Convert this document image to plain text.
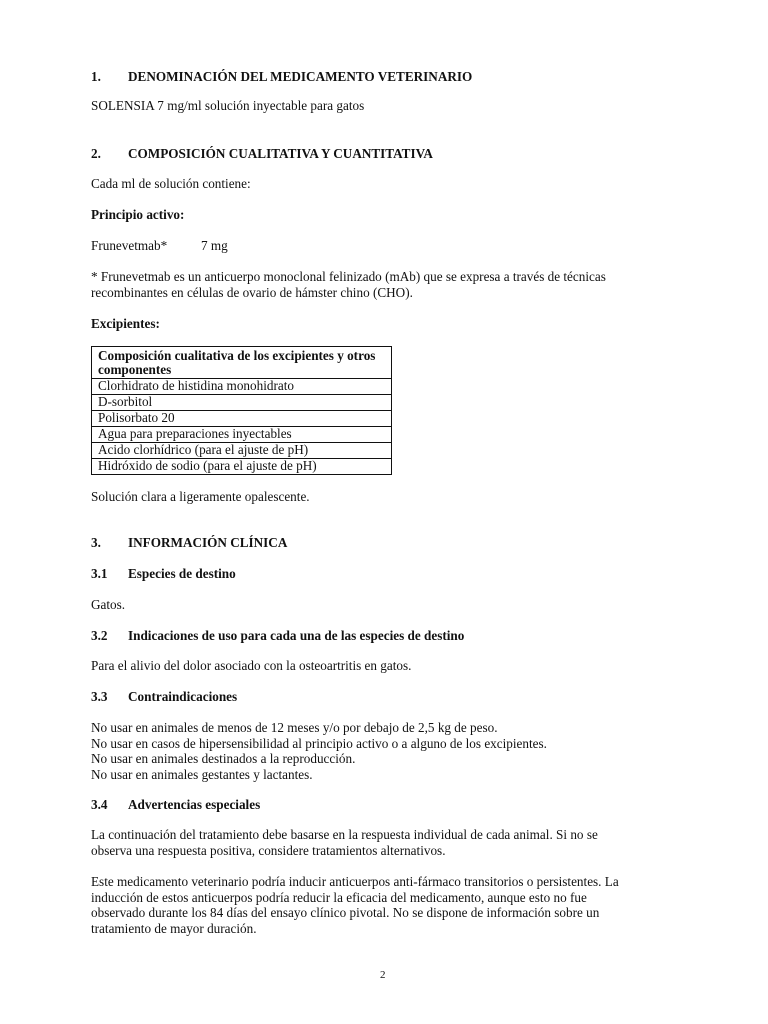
1. DENOMINACIÓN DEL MEDICAMENTO VETERINARIO

SOLENSIA 7 mg/ml solución inyectable para gatos

2. COMPOSICIÓN CUALITATIVA Y CUANTITATIVA

Cada ml de solución contiene:

Principio activo:

Frunevetmab*	7 mg

* Frunevetmab es un anticuerpo monoclonal felinizado (mAb) que se expresa a través de técnicas
recombinantes en células de ovario de hámster chino (CHO).

Excipientes:

Composición cualitativa de los excipientes y otros componentes
Clorhidrato de histidina monohidrato
D-sorbitol
Polisorbato 20
Agua para preparaciones inyectables
Acido clorhídrico (para el ajuste de pH)
Hidróxido de sodio (para el ajuste de pH)

Solución clara a ligeramente opalescente.

3. INFORMACIÓN CLÍNICA
3.1 Especies de destino

Gatos.

3.2 Indicaciones de uso para cada una de las especies de destino

Para el alivio del dolor asociado con la osteoartritis en gatos.

3.3 Contraindicaciones

No usar en animales de menos de 12 meses y/o por debajo de 2,5 kg de peso.
No usar en casos de hipersensibilidad al principio activo o a alguno de los excipientes.
No usar en animales destinados a la reproducción.
No usar en animales gestantes y lactantes.

3.4 Advertencias especiales

La continuación del tratamiento debe basarse en la respuesta individual de cada animal. Si no se
observa una respuesta positiva, considere tratamientos alternativos.

Este medicamento veterinario podría inducir anticuerpos anti-fármaco transitorios o persistentes. La
inducción de estos anticuerpos podría reducir la eficacia del medicamento, aunque esto no fue
observado durante los 84 días del ensayo clínico pivotal. No se dispone de información sobre un
tratamiento de mayor duración.

2
